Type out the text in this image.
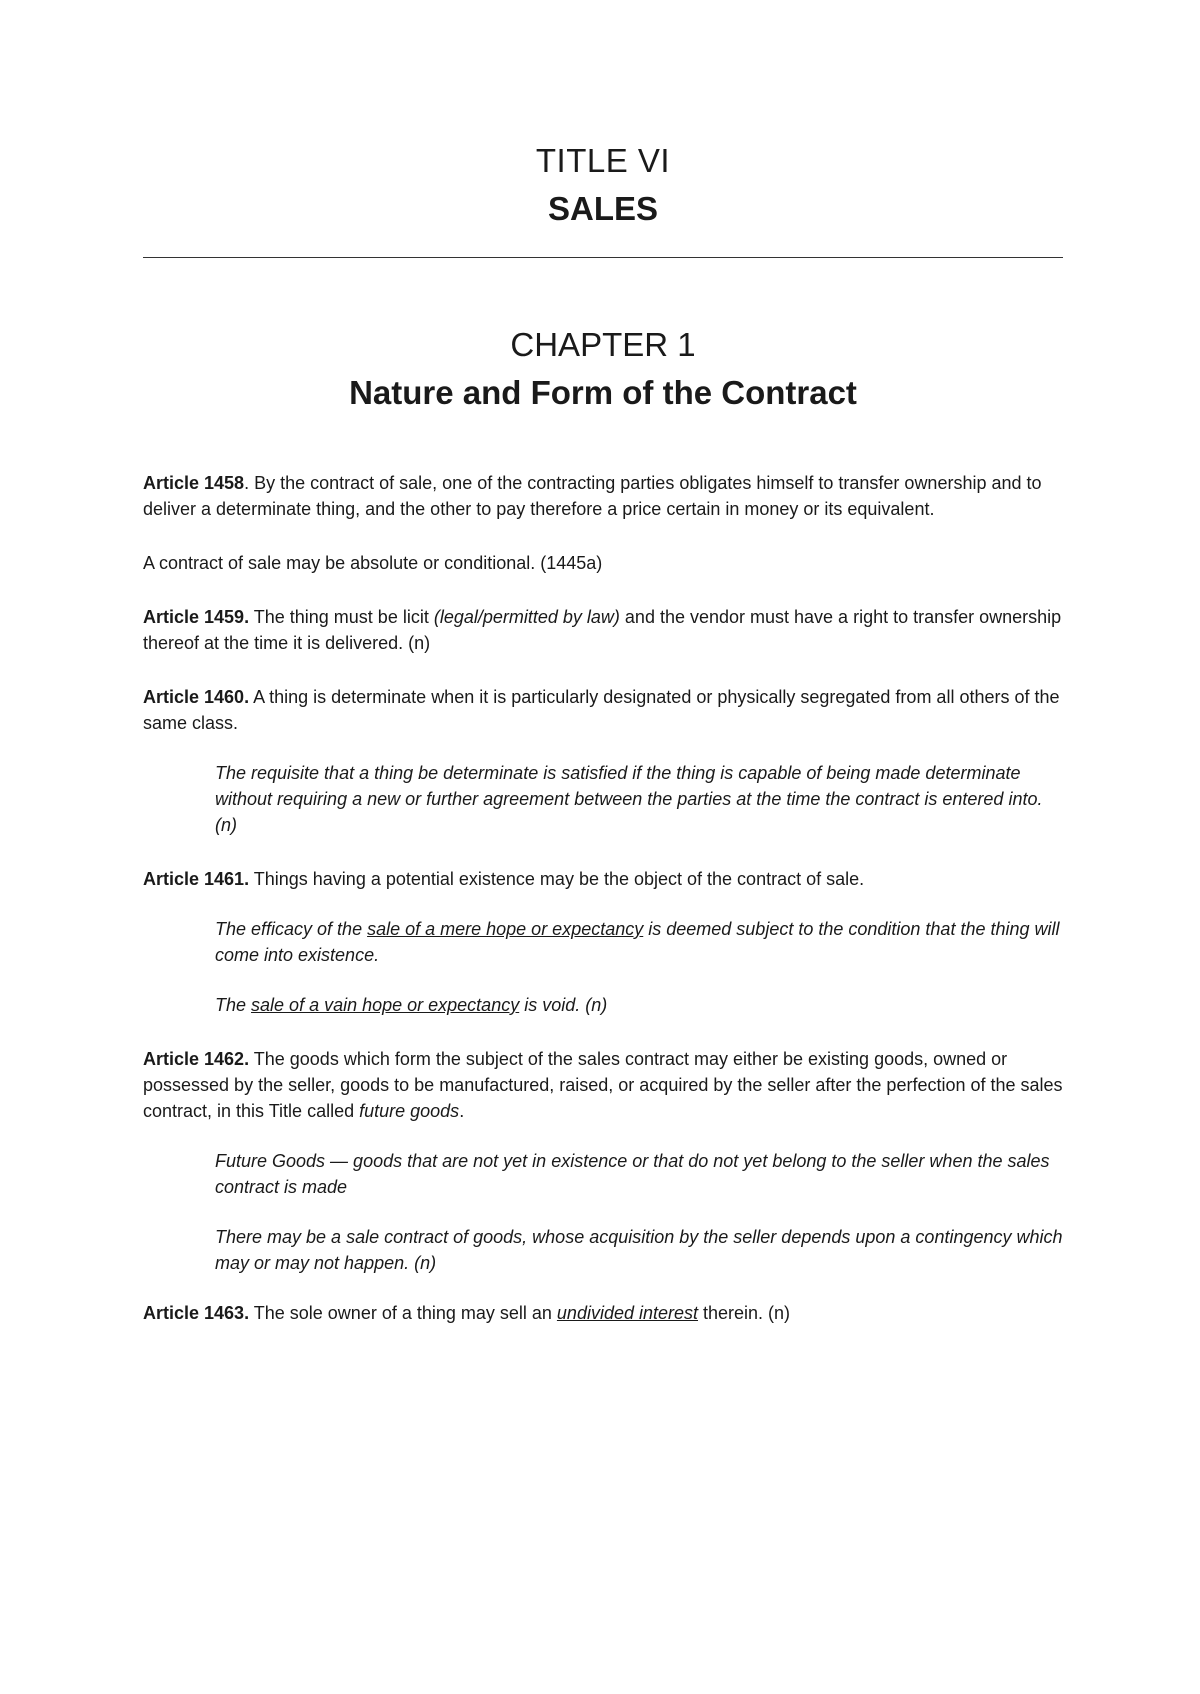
TITLE VI
SALES
CHAPTER 1
Nature and Form of the Contract

Article 1458. By the contract of sale, one of the contracting parties obligates himself to transfer ownership and to deliver a determinate thing, and the other to pay therefore a price certain in money or its equivalent.

A contract of sale may be absolute or conditional. (1445a)

Article 1459. The thing must be licit (legal/permitted by law) and the vendor must have a right to transfer ownership thereof at the time it is delivered. (n)

Article 1460. A thing is determinate when it is particularly designated or physically segregated from all others of the same class.

The requisite that a thing be determinate is satisfied if the thing is capable of being made determinate without requiring a new or further agreement between the parties at the time the contract is entered into. (n)

Article 1461. Things having a potential existence may be the object of the contract of sale.

The efficacy of the sale of a mere hope or expectancy is deemed subject to the condition that the thing will come into existence.

The sale of a vain hope or expectancy is void. (n)

Article 1462. The goods which form the subject of the sales contract may either be existing goods, owned or possessed by the seller, goods to be manufactured, raised, or acquired by the seller after the perfection of the sales contract, in this Title called future goods.

Future Goods — goods that are not yet in existence or that do not yet belong to the seller when the sales contract is made

There may be a sale contract of goods, whose acquisition by the seller depends upon a contingency which may or may not happen. (n)

Article 1463. The sole owner of a thing may sell an undivided interest therein. (n)
